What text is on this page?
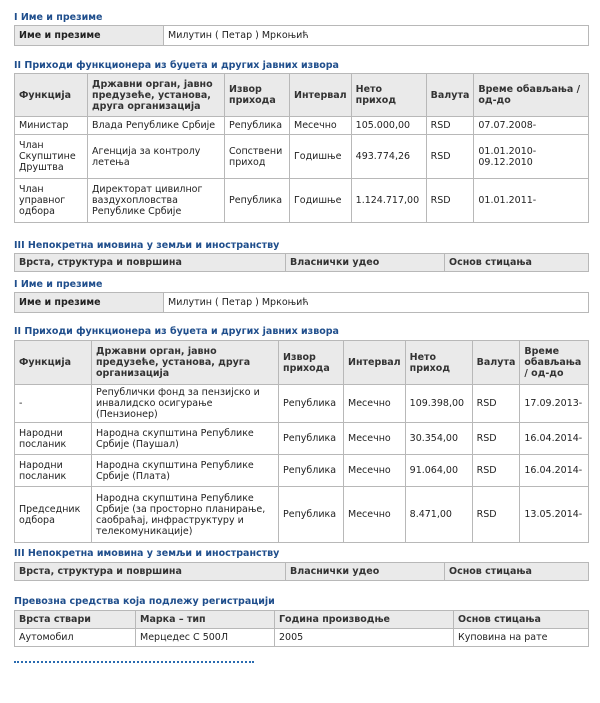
I Име и презиме
Име и презиме	Милутин ( Петар ) Мркоњић
II Приходи функционера из буџета и других јавних извора
Функција	Државни орган, јавно предузеће, установа, друга организација	Извор прихода	Интервал	Нето приход	Валута	Време обављања / од-до
Министар	Влада Републике Србије	Република	Месечно	105.000,00	RSD	07.07.2008-
Члан Скупштине Друштва	Агенција за контролу летења	Сопствени приход	Годишње	493.774,26	RSD	01.01.2010-09.12.2010
Члан управног одбора	Директорат цивилног ваздухопловства Републике Србије	Република	Годишње	1.124.717,00	RSD	01.01.2011-
III Непокретна имовина у земљи и иностранству
Врста, структура и површина	Власнички удео	Основ стицања
I Име и презиме
Име и презиме	Милутин ( Петар ) Мркоњић
II Приходи функционера из буџета и других јавних извора
Функција	Државни орган, јавно предузеће, установа, друга организација	Извор прихода	Интервал	Нето приход	Валута	Време обављања / од-до
-	Републички фонд за пензијско и инвалидско осигурање (Пензионер)	Република	Месечно	109.398,00	RSD	17.09.2013-
Народни посланик	Народна скупштина Републике Србије (Паушал)	Република	Месечно	30.354,00	RSD	16.04.2014-
Народни посланик	Народна скупштина Републике Србије (Плата)	Република	Месечно	91.064,00	RSD	16.04.2014-
Председник одбора	Народна скупштина Републике Србије (за просторно планирање, саобраћај, инфраструктуру и телекомуникације)	Република	Месечно	8.471,00	RSD	13.05.2014-
III Непокретна имовина у земљи и иностранству
Врста, структура и површина	Власнички удео	Основ стицања
Превозна средства која подлежу регистрацији
Врста ствари	Марка – тип	Година производње	Основ стицања
Аутомобил	Мерцедес С 500Л	2005	Куповина на рате
